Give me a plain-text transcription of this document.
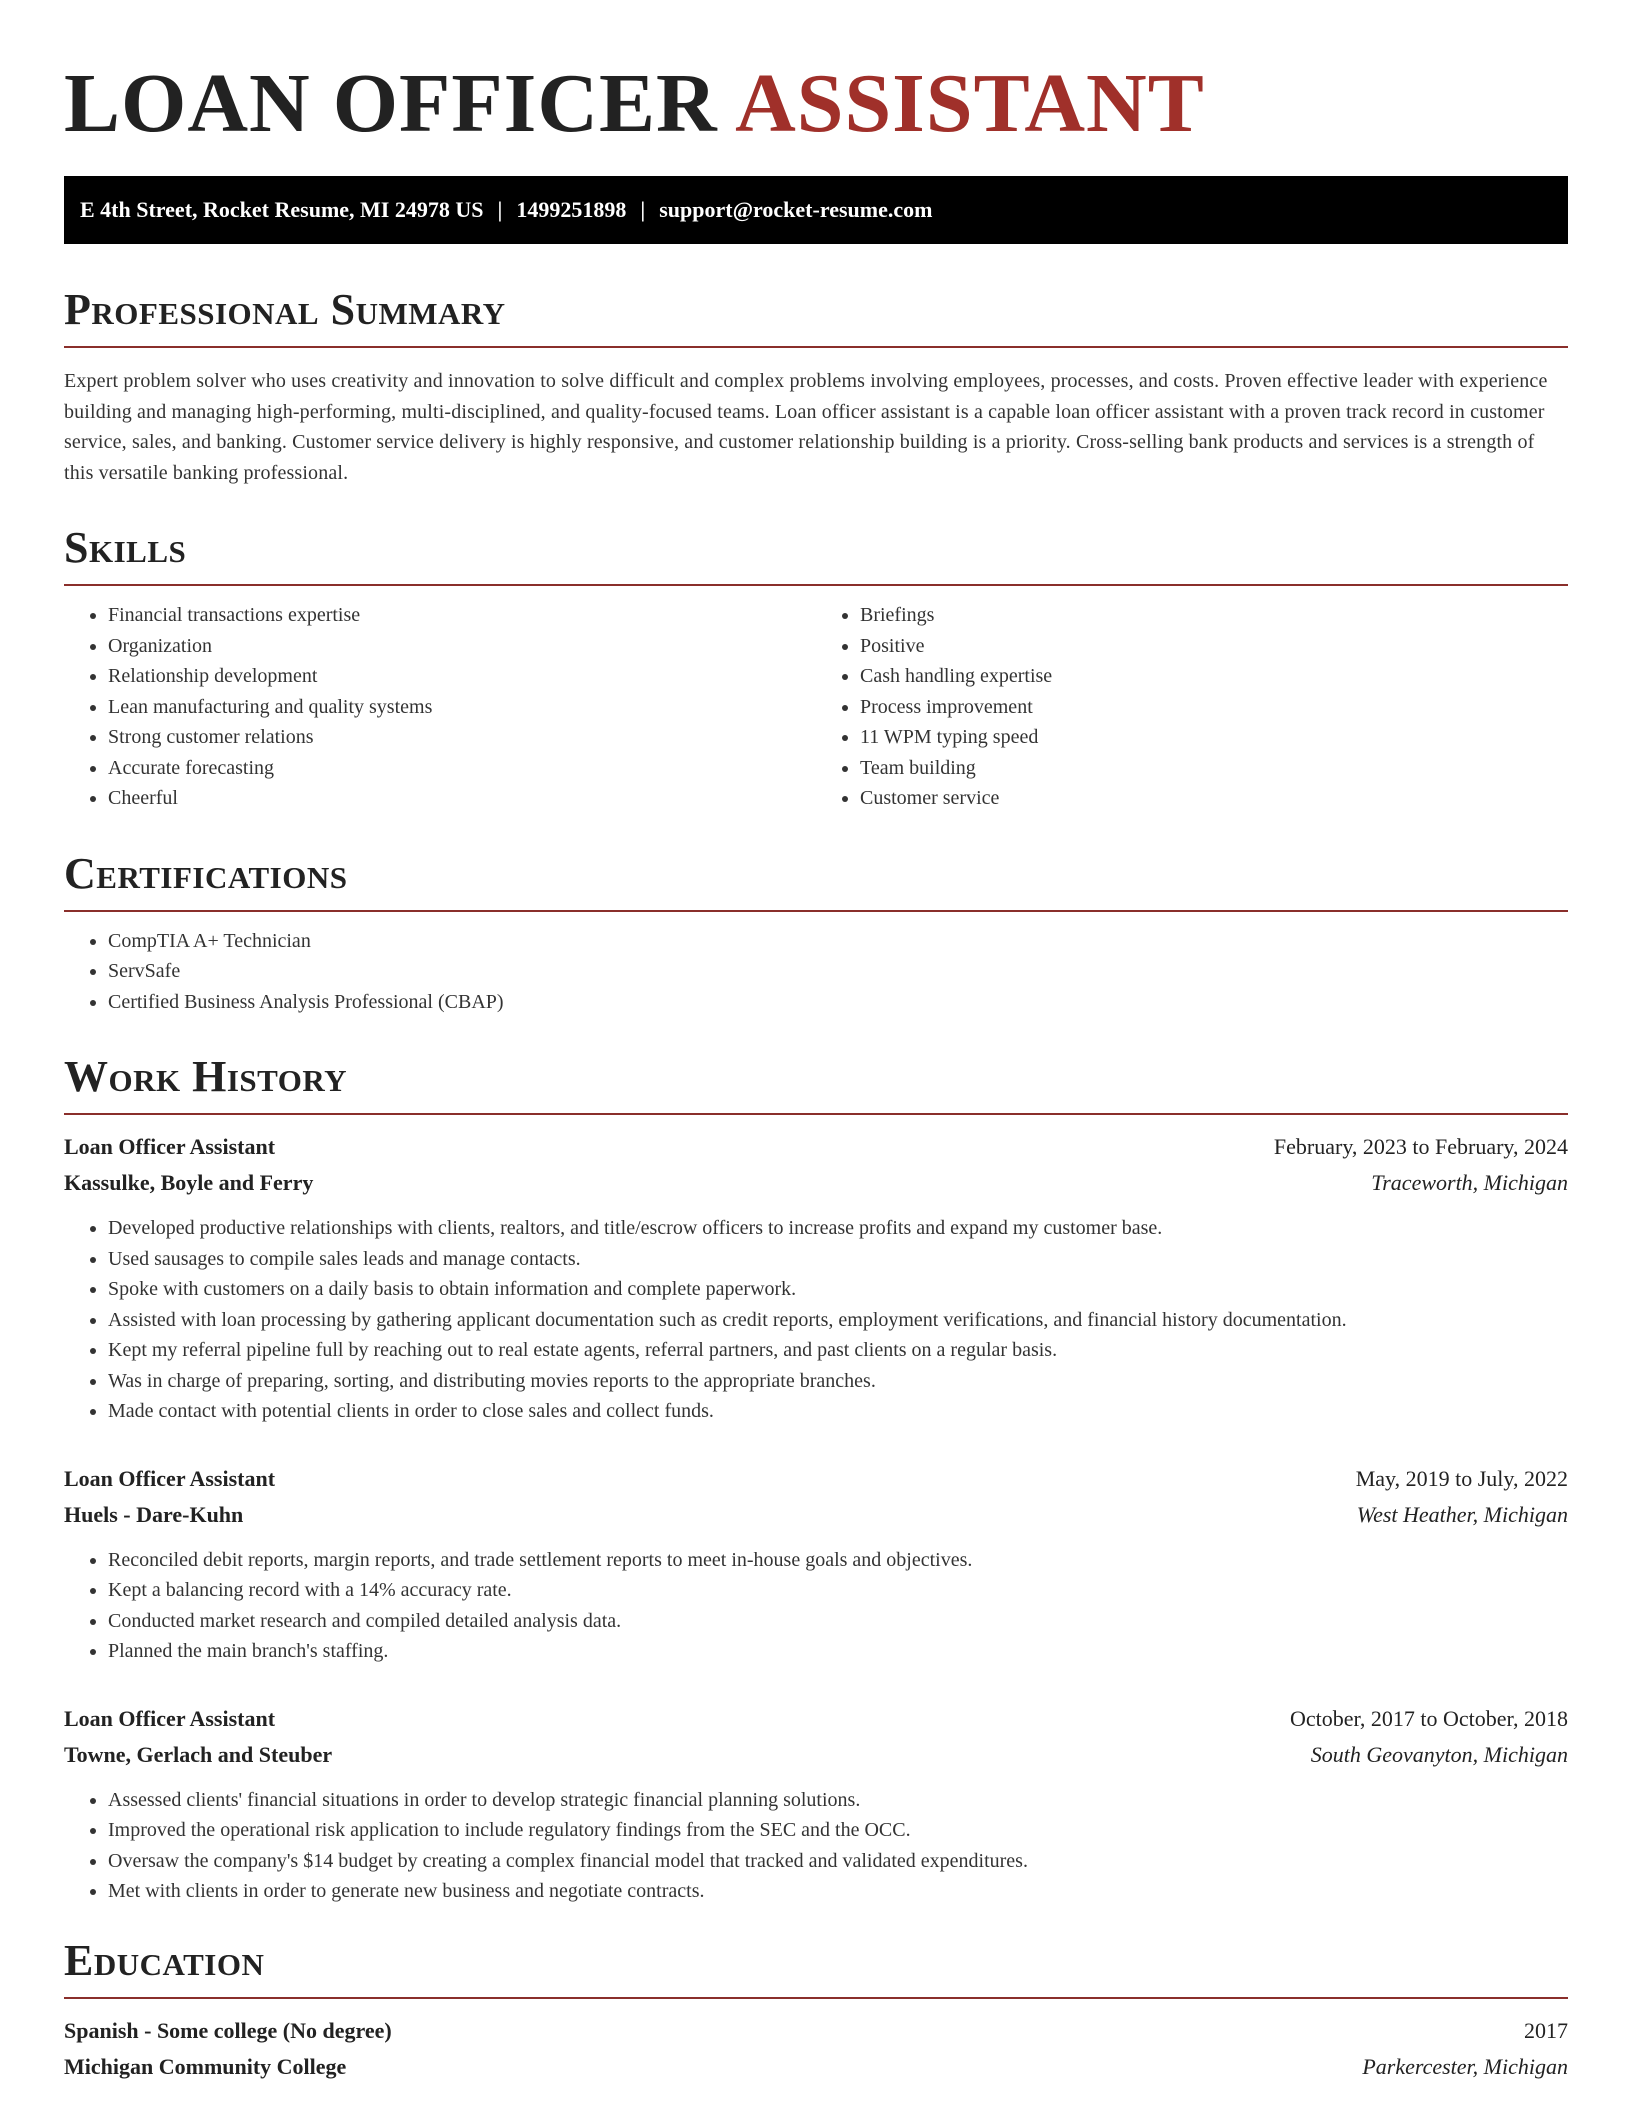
LOAN OFFICER ASSISTANT
E 4th Street, Rocket Resume, MI 24978 US | 1499251898 | support@rocket-resume.com
Professional Summary

Expert problem solver who uses creativity and innovation to solve difficult and complex problems involving employees, processes, and costs. Proven effective leader with experience building and managing high-performing, multi-disciplined, and quality-focused teams. Loan officer assistant is a capable loan officer assistant with a proven track record in customer service, sales, and banking. Customer service delivery is highly responsive, and customer relationship building is a priority. Cross-selling bank products and services is a strength of this versatile banking professional.

Skills
• Financial transactions expertise
• Organization
• Relationship development
• Lean manufacturing and quality systems
• Strong customer relations
• Accurate forecasting
• Cheerful
• Briefings
• Positive
• Cash handling expertise
• Process improvement
• 11 WPM typing speed
• Team building
• Customer service
Certifications
• CompTIA A+ Technician
• ServSafe
• Certified Business Analysis Professional (CBAP)
Work History
Loan Officer Assistant	February, 2023 to February, 2024
Kassulke, Boyle and Ferry	Traceworth, Michigan
• Developed productive relationships with clients, realtors, and title/escrow officers to increase profits and expand my customer base.
• Used sausages to compile sales leads and manage contacts.
• Spoke with customers on a daily basis to obtain information and complete paperwork.
• Assisted with loan processing by gathering applicant documentation such as credit reports, employment verifications, and financial history documentation.
• Kept my referral pipeline full by reaching out to real estate agents, referral partners, and past clients on a regular basis.
• Was in charge of preparing, sorting, and distributing movies reports to the appropriate branches.
• Made contact with potential clients in order to close sales and collect funds.
Loan Officer Assistant	May, 2019 to July, 2022
Huels - Dare-Kuhn	West Heather, Michigan
• Reconciled debit reports, margin reports, and trade settlement reports to meet in-house goals and objectives.
• Kept a balancing record with a 14% accuracy rate.
• Conducted market research and compiled detailed analysis data.
• Planned the main branch's staffing.
Loan Officer Assistant	October, 2017 to October, 2018
Towne, Gerlach and Steuber	South Geovanyton, Michigan
• Assessed clients' financial situations in order to develop strategic financial planning solutions.
• Improved the operational risk application to include regulatory findings from the SEC and the OCC.
• Oversaw the company's $14 budget by creating a complex financial model that tracked and validated expenditures.
• Met with clients in order to generate new business and negotiate contracts.
Education
Spanish - Some college (No degree)	2017
Michigan Community College	Parkercester, Michigan
